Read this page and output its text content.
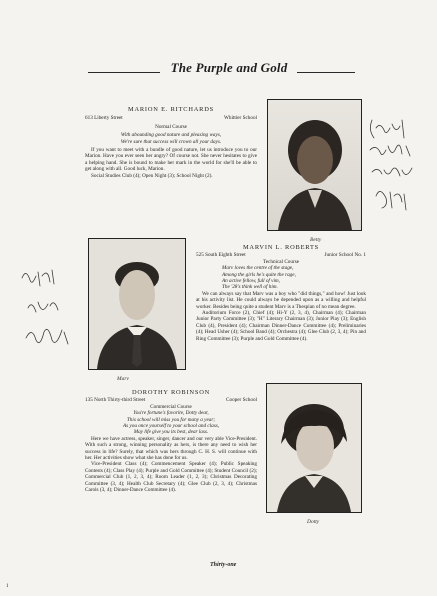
The Purple and Gold
MARION E. RITCHARDS
613 Liberty Street	Whittier School
Normal Course

With abounding good nature and pleasing ways,

We're sure that success will crown all your days.

If you want to meet with a bundle of good nature, let us introduce you to our Marion. Have you ever seen her angry? Of course not. She never hesitates to give a helping hand. She is bound to make her mark in the world for she'll be able to get along with all. Good luck, Marion.

Social Studies Club (4); Open Night (3); School Night (2).

Betty
Marv
MARVIN L. ROBERTS
525 South Eighth Street	Junior School No. 1
Technical Course

Marv loves the centre of the stage,

Among the girls he's quite the rage,

An active fellow, full of vim,

The '28's think well of him.

We can always say that Marv was a boy who "did things," and how! Just look at his activity list. He could always be depended upon as a willing and helpful worker. Besides being quite a student Marv is a Thespian of no mean degree.

Auditorium Force (2), Chief (4); Hi-Y (2, 3, 4), Chairman (4); Chairman Junior Party Committee (3); "H" Literary Chairman (3); Junior Play (3); English Club (4), President (4); Chairman Dinner-Dance Committee (4); Preliminaries (4); Head Usher (4); School Band (4); Orchestra (4); Glee Club (2, 3, 4); Pin and Ring Committee (3); Purple and Gold Committee (4).

DOROTHY ROBINSON
135 North Thirty-third Street	Cooper School
Commercial Course

You're fortune's favorite, Dotty dear,

This school will miss you for many a year;

As you once yourself to your school and class,

May life give you its best, dear lass.

Here we have actress, speaker, singer, dancer and our very able Vice-President. With such a strong, winning personality as hers, is there any need to wish her success in life? Surely, that which was hers through C. H. S. will continue with her. Her activities show what she has done for us.

Vice-President Class (4); Commencement Speaker (4); Public Speaking Contests (4); Class Play (4); Purple and Gold Committee (4); Student Council (2); Commercial Club (1, 2, 3, 4); Room Leader (1, 2, 3); Christmas Decorating Committee (3, 4); Health Club Secretary (4); Glee Club (2, 3, 4); Christmas Carols (3, 4); Dinner-Dance Committee (4).

Dotty
Thirty-one
1
